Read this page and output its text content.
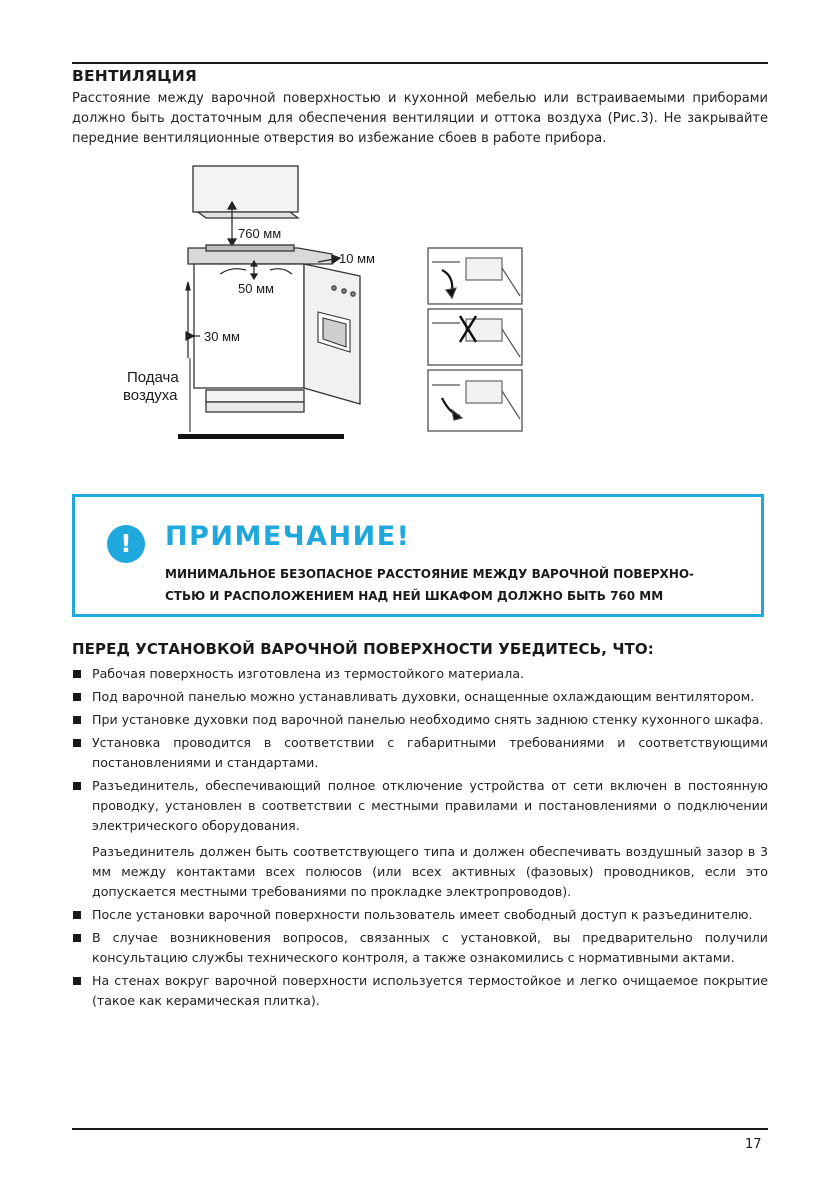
ВЕНТИЛЯЦИЯ
Расстояние между варочной поверхностью и кухонной мебелью или встраиваемыми приборами должно быть достаточным для обеспечения вентиляции и оттока воздуха (Рис.3). Не закрывайте передние вентиляционные отверстия во избежание сбоев в работе прибора.
760 мм
10 мм
50 мм
30 мм
Подача
воздуха
!	ПРИМЕЧАНИЕ!
МИНИМАЛЬНОЕ БЕЗОПАСНОЕ РАССТОЯНИЕ МЕЖДУ ВАРОЧНОЙ ПОВЕРХНО-
СТЬЮ И РАСПОЛОЖЕНИЕМ НАД НЕЙ ШКАФОМ ДОЛЖНО БЫТЬ 760 ММ
ПЕРЕД УСТАНОВКОЙ ВАРОЧНОЙ ПОВЕРХНОСТИ УБЕДИТЕСЬ, ЧТО:
Рабочая поверхность изготовлена из термостойкого материала.
Под варочной панелью можно устанавливать духовки, оснащенные охлаждающим вентилятором.
При установке духовки под варочной панелью необходимо снять заднюю стенку кухонного шкафа.
Установка проводится в соответствии с габаритными требованиями и соответствующими постановлениями и стандартами.
Разъединитель, обеспечивающий полное отключение устройства от сети включен в постоянную проводку, установлен в соответствии с местными правилами и постановлениями о подключении электрического оборудования.
Разъединитель должен быть соответствующего типа и должен обеспечивать воздушный зазор в 3 мм между контактами всех полюсов (или всех активных (фазовых) проводников, если это допускается местными требованиями по прокладке электропроводов).
После установки варочной поверхности пользователь имеет свободный доступ к разъединителю.
В случае возникновения вопросов, связанных с установкой, вы предварительно получили консультацию службы технического контроля, а также ознакомились с нормативными актами.
На стенах вокруг варочной поверхности используется термостойкое и легко очищаемое покрытие (такое как керамическая плитка).
17
